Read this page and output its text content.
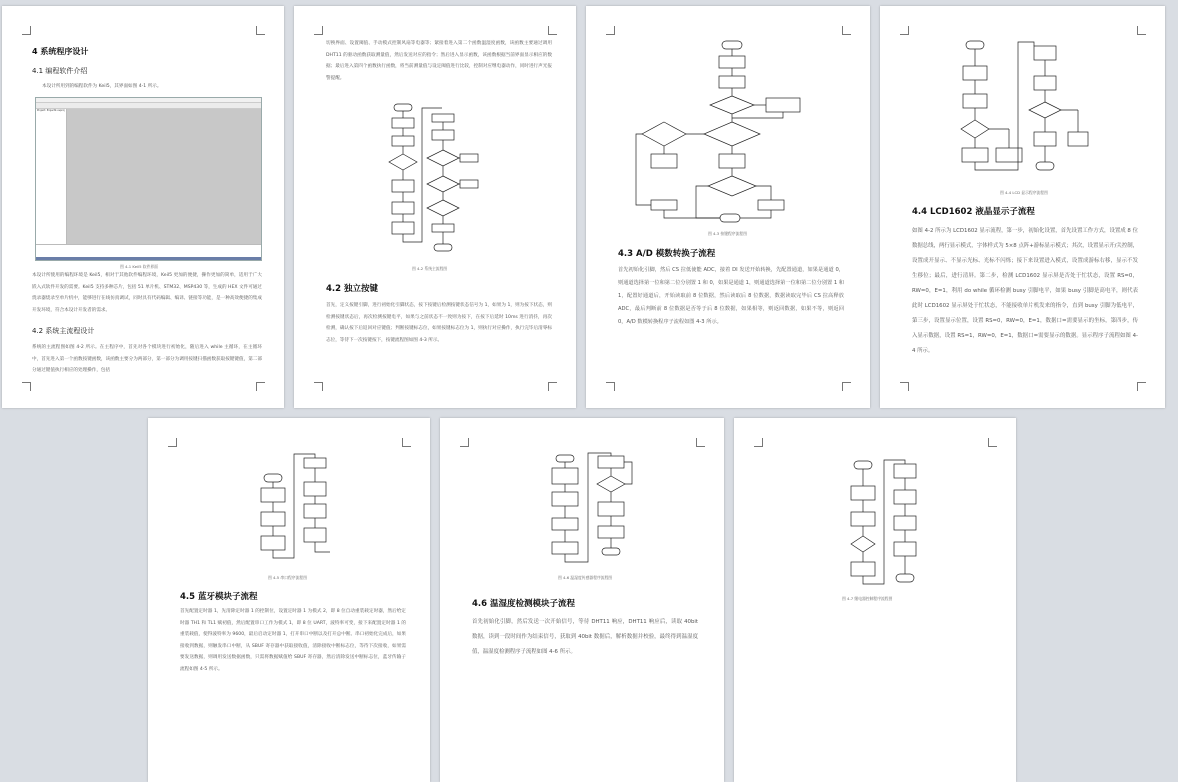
4 系统程序设计
4.1 编程软件介绍
本设计所用到的编程软件为 Keil5，其界面如图 4-1 所示。
Project: Project2.uvproj
图 4-1 Keil5 软件界面
本设计所使用的编程环境是 Keil5，相对于其他软件编程环境，Keil5 更加的便捷，操作更加的简单，适用于广大嵌入式软件开发的需要。Keil5 支持多种芯片，包括 51 单片机、STM32、MSP430 等，生成的 HEX 文件可通过烧录器烧录至单片机中，能够进行在线仿真调试，同时具有代码编辑、编译、链接等功能，是一种高效便捷的集成开发环境，符合本设计开发者的需求。
4.2 系统主流程设计
系统的主流程图如图 4-2 所示。在主程序中，首先对各个模块进行初始化，随后进入 while 主循环，在主循环中，首先进入第一个函数按键函数，该函数主要分为两部分，第一部分为调用按键扫描函数获取按键键值，第二部分通过键值执行相应的处理操作，包括
切换界面、设置阈值、手动模式控制风扇等电器等；紧接着进入第二个函数温湿度函数，该函数主要通过调用 DHT11 的驱动函数获取测量值，然后发送对应的指令；然后进入显示函数，该函数根据当前界面显示相应的数据；最后进入第四个函数执行函数，将当前测量值与设定阈值进行比较，控制对应继电器动作，同时进行声光报警提醒。
图 4-2 系统主流程图
4.2 独立按键
首先，定义按键引脚，进行初始化引脚状态，按下按键后检测按键状态信号为 1，如果为 1，则为按下状态，则检测按键状态后，再次检测按键电平，如果与之前状态不一致则为按下，在按下后延时 10ms 进行消抖，再次检测，确认按下后返回对应键值；判断按键标志位，如果按键标志位为 1，则执行对应操作，执行完毕后清零标志位，等待下一次按键按下，按键流程图如图 4-3 所示。
图 4-3 按键程序流程图
4.3 A/D 模数转换子流程
首先初始化引脚，然后 CS 拉低使能 ADC，接着 DI 发送开始转换，先配置通道，如果是通道 0，则通道选择第一位和第二位分别置 1 和 0，如果是通道 1，则通道选择第一位和第二位分别置 1 和 1，配置好通道后，开始读取前 8 位数据，然后读取后 8 位数据，数据读取完毕后 CS 拉高释放 ADC，最后判断前 8 位数据是否等于后 8 位数据，如果相等，则返回数据，如果不等，则返回 0，A/D 数模转换程序子流程如图 4-3 所示。
图 4-4 LCD 显示程序流程图
4.4 LCD1602 液晶显示子流程
如图 4-2 所示为 LCD1602 显示流程，第一步，初始化设置，首先设置工作方式，设置成 8 位数据总线，两行显示模式，字体样式为 5×8 点阵+游标显示模式；其次，设置显示开/关控制，设置成开显示、不显示光标、光标不闪烁；接下来设置进入模式，设置成游标右移，显示不发生移位；最后，进行清屏。第二步，检测 LCD1602 显示屏是否处于忙状态，设置 RS=0，RW=0，E=1，利用 do while 循环检测 busy 引脚电平，如果 busy 引脚是高电平，则代表此时 LCD1602 显示屏处于忙状态，不能接收单片机发来的指令，直到 busy 引脚为低电平，第三步，设置显示位置，设置 RS=0，RW=0，E=1，数据口=需要显示的坐标，第四步，传入显示数据，设置 RS=1，RW=0，E=1，数据口=需要显示的数据。显示程序子流程如图 4-4 所示。
图 4-5 串口程序流程图
4.5 蓝牙模块子流程
首先配置定时器 1，先清除定时器 1 的控制位，设置定时器 1 为模式 2，即 8 位自动重装载定时器，然后给定时器 TH1 和 TL1 赋初值，然后配置串口工作为模式 1，即 8 位 UART，波特率可变，接下来配置定时器 1 的重装载值，使得波特率为 9600，最后启动定时器 1，打开串口中断以及打开总中断。串口初始化完成后，如果接收到数据，则触发串口中断，从 SBUF 寄存器中获取接收值，清除接收中断标志位，等待下次接收，如果需要发送数据，则调用发送数据函数，只需将数据赋值给 SBUF 寄存器，然后清除发送中断标志位，蓝牙传输子流程如图 4-5 所示。
图 4-6 温湿度传感器程序流程图
4.6 温湿度检测模块子流程
首先初始化引脚，然后发送一次开始信号，等待 DHT11 响应，DHT11 响应后，读取 40bit 数据，读到一段时间作为结束信号，获取到 40bit 数据后，解析数据并校验，最终得到温湿度值，温湿度检测程序子流程如图 4-6 所示。
图 4-7 继电器控制程序流程图
